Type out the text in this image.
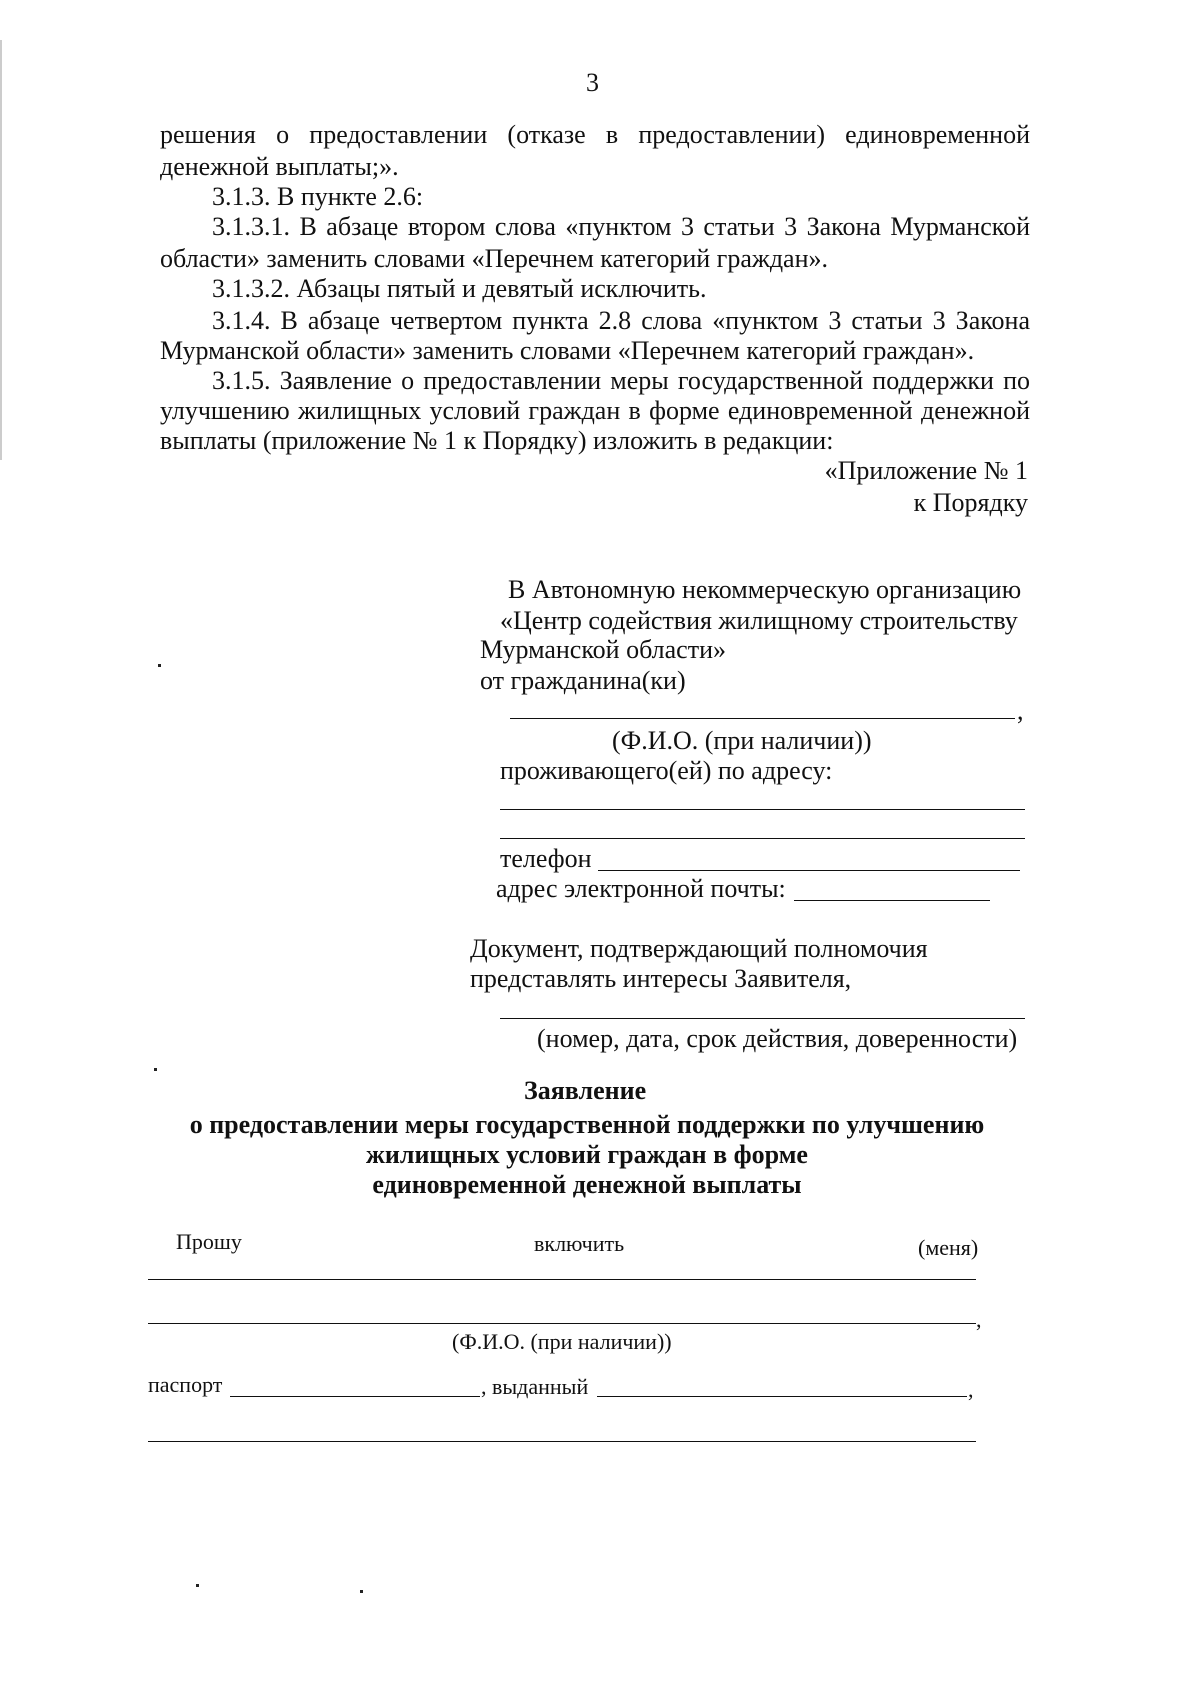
3
решения о предоставлении (отказе в предоставлении) единовременной
денежной выплаты;».
3.1.3. В пункте 2.6:
3.1.3.1. В абзаце втором слова «пунктом 3 статьи 3 Закона Мурманской
области» заменить словами «Перечнем категорий граждан».
3.1.3.2. Абзацы пятый и девятый исключить.
3.1.4. В абзаце четвертом пункта 2.8 слова «пунктом 3 статьи 3 Закона
Мурманской области» заменить словами «Перечнем категорий граждан».
3.1.5. Заявление о предоставлении меры государственной поддержки по
улучшению жилищных условий граждан в форме единовременной денежной
выплаты (приложение № 1 к Порядку) изложить в редакции:
«Приложение № 1
к Порядку
В Автономную некоммерческую организацию
«Центр содействия жилищному строительству
Мурманской области»
от гражданина(ки)
,
(Ф.И.О. (при наличии))
проживающего(ей) по адресу:
телефон
адрес электронной почты:
Документ, подтверждающий полномочия
представлять интересы Заявителя,
(номер, дата, срок действия, доверенности)
Заявление
о предоставлении меры государственной поддержки по улучшению
жилищных условий граждан в форме
единовременной денежной выплаты
Прошу	включить	(меня)
,
(Ф.И.О. (при наличии))
паспорт	, выданный	,
